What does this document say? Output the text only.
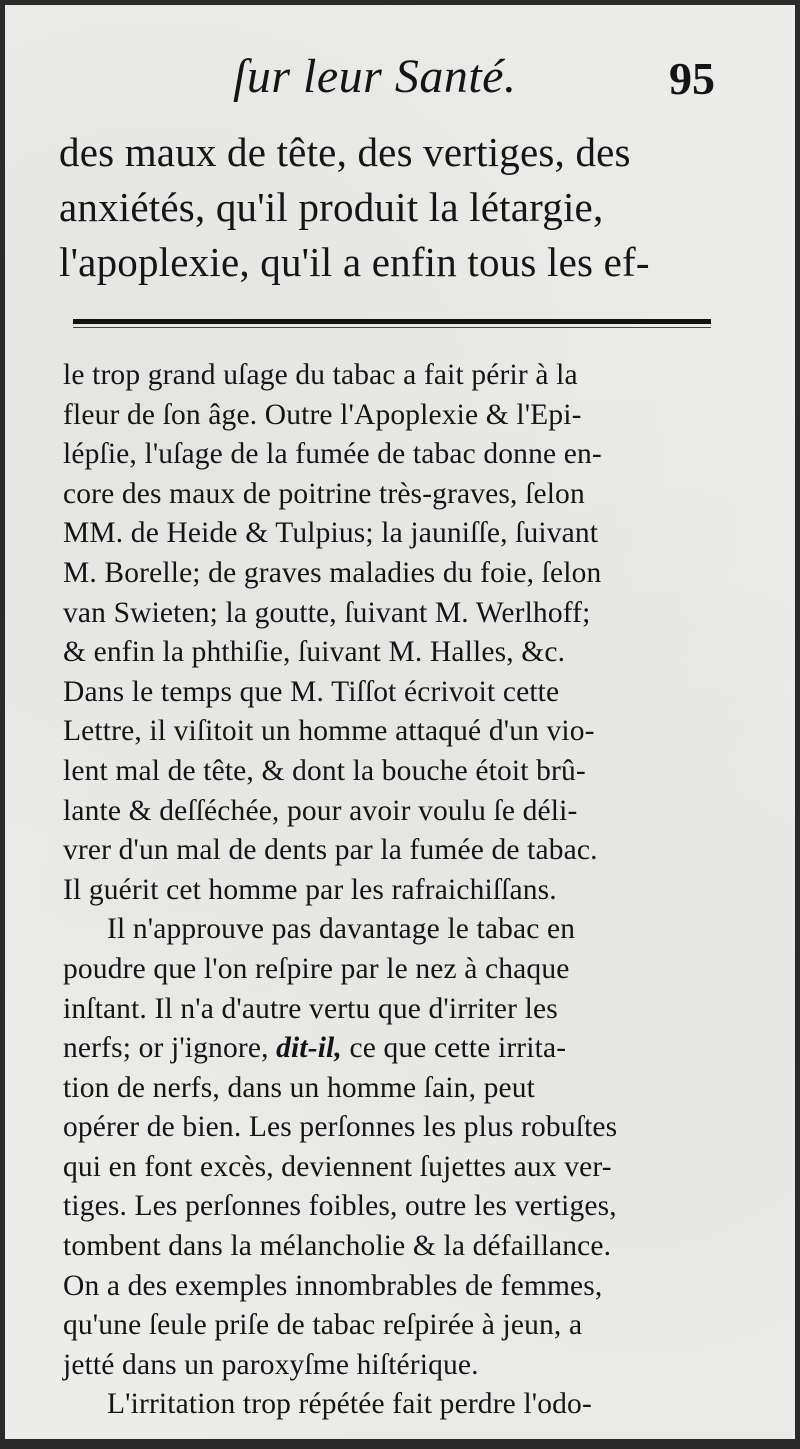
ſur leur Santé.	95
des maux de tête, des vertiges, des
anxiétés, qu'il produit la létargie,
l'apoplexie, qu'il a enfin tous les ef-
le trop grand uſage du tabac a fait périr à la
fleur de ſon âge. Outre l'Apoplexie & l'Epi-
lépſie, l'uſage de la fumée de tabac donne en-
core des maux de poitrine très-graves, ſelon
MM. de Heide & Tulpius; la jauniſſe, ſuivant
M. Borelle; de graves maladies du foie, ſelon
van Swieten; la goutte, ſuivant M. Werlhoff;
& enfin la phthiſie, ſuivant M. Halles, &c.
Dans le temps que M. Tiſſot écrivoit cette
Lettre, il viſitoit un homme attaqué d'un vio-
lent mal de tête, & dont la bouche étoit brû-
lante & deſſéchée, pour avoir voulu ſe déli-
vrer d'un mal de dents par la fumée de tabac.
Il guérit cet homme par les rafraichiſſans.
Il n'approuve pas davantage le tabac en
poudre que l'on reſpire par le nez à chaque
inſtant. Il n'a d'autre vertu que d'irriter les
nerfs; or j'ignore, dit-il, ce que cette irrita-
tion de nerfs, dans un homme ſain, peut
opérer de bien. Les perſonnes les plus robuſtes
qui en font excès, deviennent ſujettes aux ver-
tiges. Les perſonnes foibles, outre les vertiges,
tombent dans la mélancholie & la défaillance.
On a des exemples innombrables de femmes,
qu'une ſeule priſe de tabac reſpirée à jeun, a
jetté dans un paroxyſme hiſtérique.
L'irritation trop répétée fait perdre l'odo-
